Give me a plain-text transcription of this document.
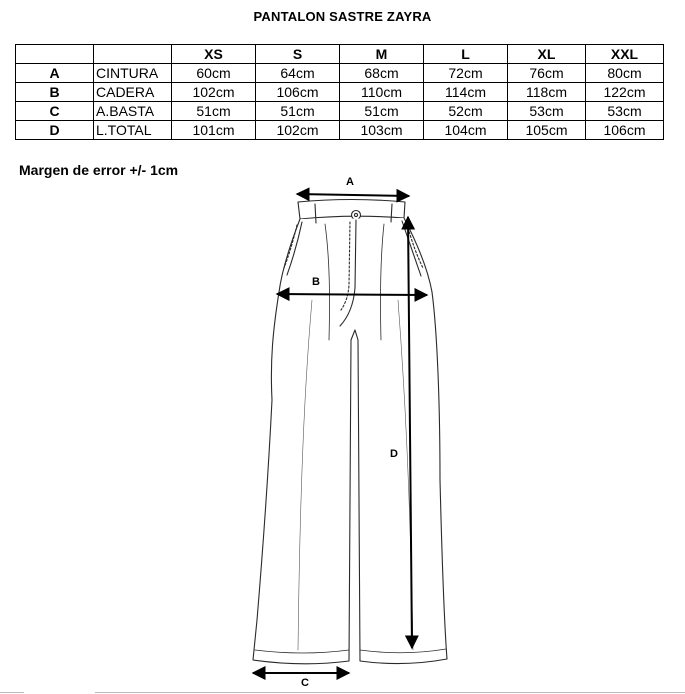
PANTALON SASTRE ZAYRA
		XS	S	M	L	XL	XXL
A	CINTURA	60cm	64cm	68cm	72cm	76cm	80cm
B	CADERA	102cm	106cm	110cm	114cm	118cm	122cm
C	A.BASTA	51cm	51cm	51cm	52cm	53cm	53cm
D	L.TOTAL	101cm	102cm	103cm	104cm	105cm	106cm
Margen de error +/- 1cm
A
B
D
C
